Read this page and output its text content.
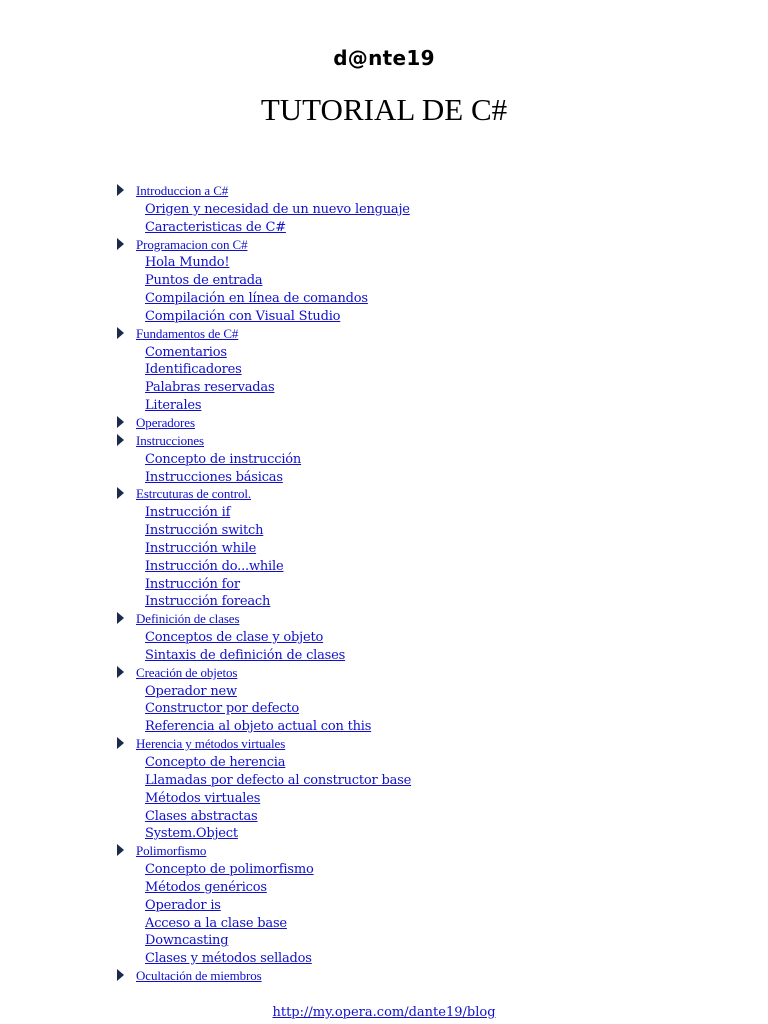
d@nte19
TUTORIAL DE C#
Introduccion a C#
Origen y necesidad de un nuevo lenguaje
Caracteristicas de C#
Programacion con C#
Hola Mundo!
Puntos de entrada
Compilación en línea de comandos
Compilación con Visual Studio
Fundamentos de C#
Comentarios
Identificadores
Palabras reservadas
Literales
Operadores
Instrucciones
Concepto de instrucción
Instrucciones básicas
Estrcuturas de control.
Instrucción if
Instrucción switch
Instrucción while
Instrucción do...while
Instrucción for
Instrucción foreach
Definición de clases
Conceptos de clase y objeto
Sintaxis de definición de clases
Creación de objetos
Operador new
Constructor por defecto
Referencia al objeto actual con this
Herencia y métodos virtuales
Concepto de herencia
Llamadas por defecto al constructor base
Métodos virtuales
Clases abstractas
System.Object
Polimorfismo
Concepto de polimorfismo
Métodos genéricos
Operador is
Acceso a la clase base
Downcasting
Clases y métodos sellados
Ocultación de miembros
http://my.opera.com/dante19/blog
